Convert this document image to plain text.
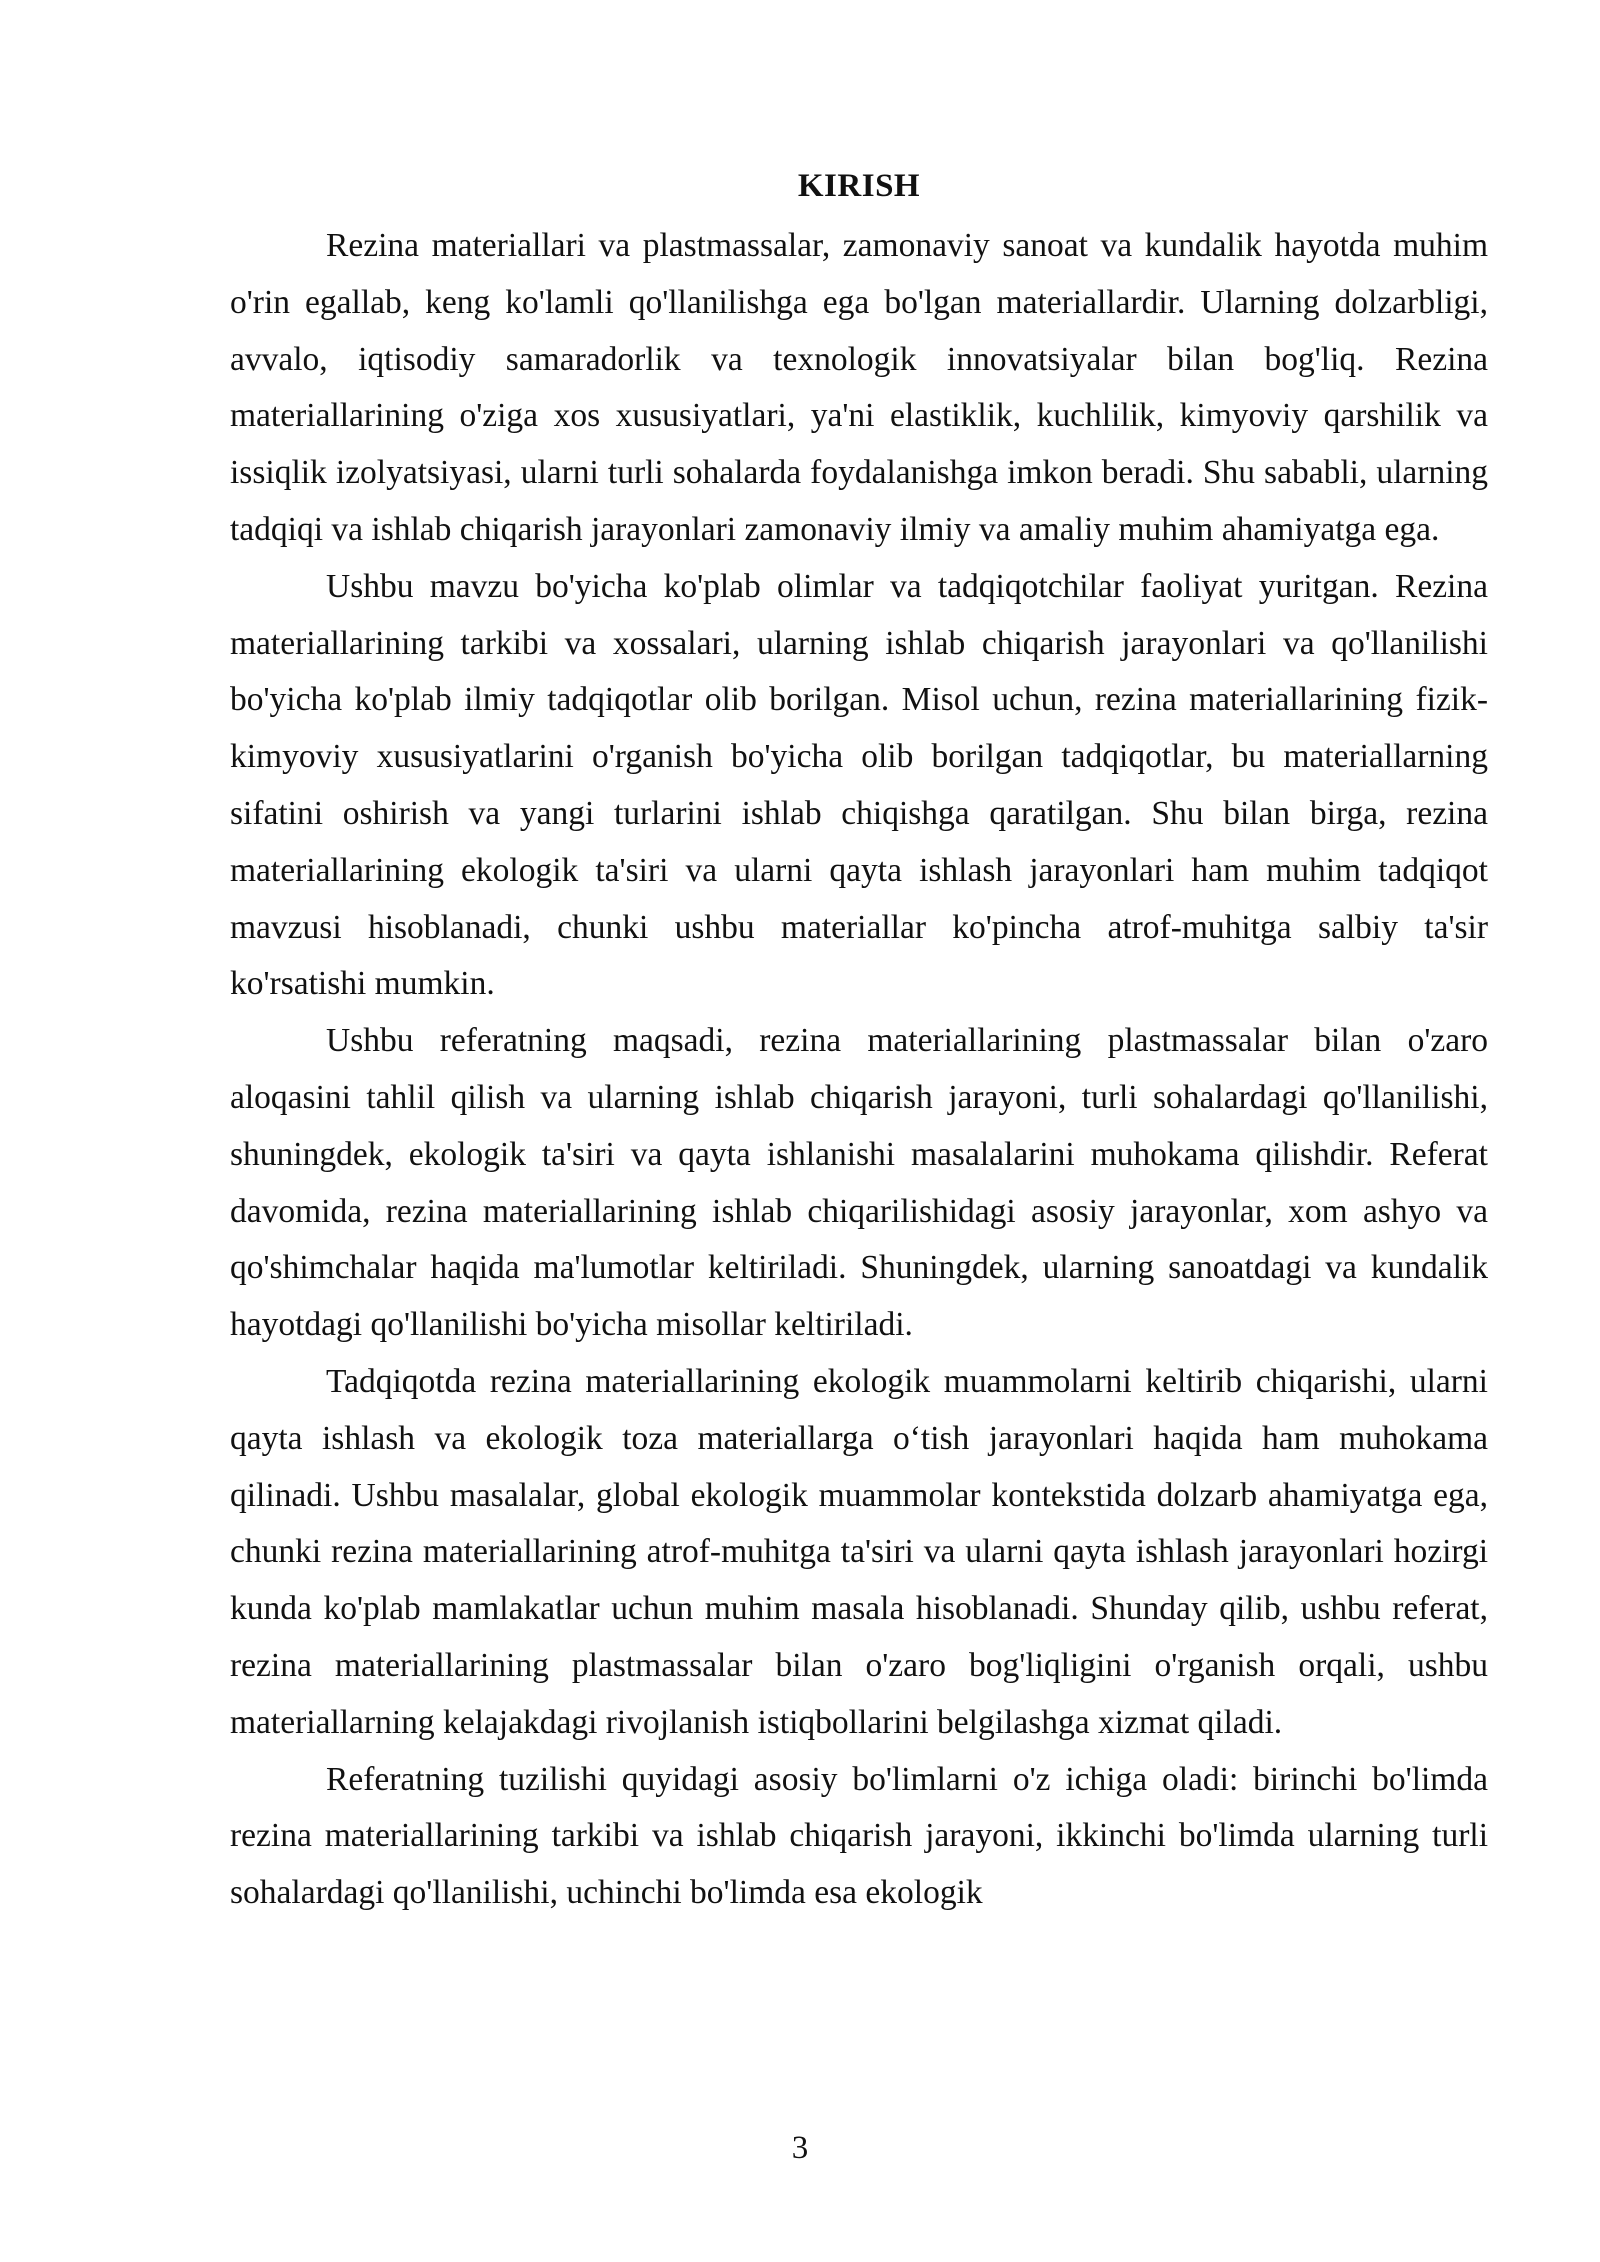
KIRISH

Rezina materiallari va plastmassalar, zamonaviy sanoat va kundalik hayotda muhim o'rin egallab, keng ko'lamli qo'llanilishga ega bo'lgan materiallardir. Ularning dolzarbligi, avvalo, iqtisodiy samaradorlik va texnologik innovatsiyalar bilan bog'liq. Rezina materiallarining o'ziga xos xususiyatlari, ya'ni elastiklik, kuchlilik, kimyoviy qarshilik va issiqlik izolyatsiyasi, ularni turli sohalarda foydalanishga imkon beradi. Shu sababli, ularning tadqiqi va ishlab chiqarish jarayonlari zamonaviy ilmiy va amaliy muhim ahamiyatga ega.

Ushbu mavzu bo'yicha ko'plab olimlar va tadqiqotchilar faoliyat yuritgan. Rezina materiallarining tarkibi va xossalari, ularning ishlab chiqarish jarayonlari va qo'llanilishi bo'yicha ko'plab ilmiy tadqiqotlar olib borilgan. Misol uchun, rezina materiallarining fizik-kimyoviy xususiyatlarini o'rganish bo'yicha olib borilgan tadqiqotlar, bu materiallarning sifatini oshirish va yangi turlarini ishlab chiqishga qaratilgan. Shu bilan birga, rezina materiallarining ekologik ta'siri va ularni qayta ishlash jarayonlari ham muhim tadqiqot mavzusi hisoblanadi, chunki ushbu materiallar ko'pincha atrof-muhitga salbiy ta'sir ko'rsatishi mumkin.

Ushbu referatning maqsadi, rezina materiallarining plastmassalar bilan o'zaro aloqasini tahlil qilish va ularning ishlab chiqarish jarayoni, turli sohalardagi qo'llanilishi, shuningdek, ekologik ta'siri va qayta ishlanishi masalalarini muhokama qilishdir. Referat davomida, rezina materiallarining ishlab chiqarilishidagi asosiy jarayonlar, xom ashyo va qo'shimchalar haqida ma'lumotlar keltiriladi. Shuningdek, ularning sanoatdagi va kundalik hayotdagi qo'llanilishi bo'yicha misollar keltiriladi.

Tadqiqotda rezina materiallarining ekologik muammolarni keltirib chiqarishi, ularni qayta ishlash va ekologik toza materiallarga o‘tish jarayonlari haqida ham muhokama qilinadi. Ushbu masalalar, global ekologik muammolar kontekstida dolzarb ahamiyatga ega, chunki rezina materiallarining atrof-muhitga ta'siri va ularni qayta ishlash jarayonlari hozirgi kunda ko'plab mamlakatlar uchun muhim masala hisoblanadi. Shunday qilib, ushbu referat, rezina materiallarining plastmassalar bilan o'zaro bog'liqligini o'rganish orqali, ushbu materiallarning kelajakdagi rivojlanish istiqbollarini belgilashga xizmat qiladi.

Referatning tuzilishi quyidagi asosiy bo'limlarni o'z ichiga oladi: birinchi bo'limda rezina materiallarining tarkibi va ishlab chiqarish jarayoni, ikkinchi bo'limda ularning turli sohalardagi qo'llanilishi, uchinchi bo'limda esa ekologik

3
